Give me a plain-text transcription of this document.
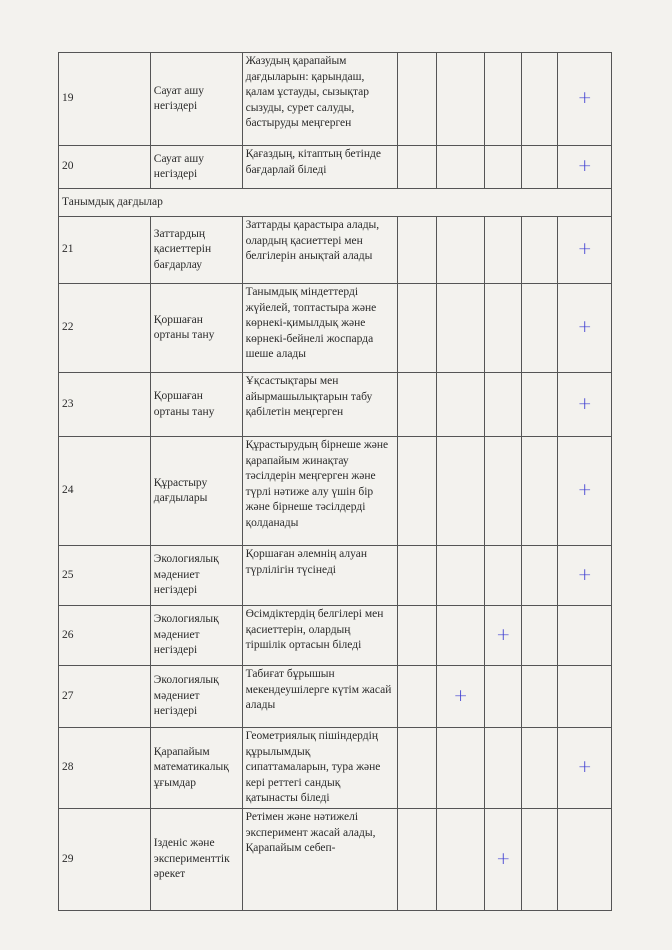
19	Сауат ашу негіздері	Жазудың қарапайым дағдыларын: қарындаш, қалам ұстауды, сызықтар сызуды, сурет салуды, бастыруды меңгерген					+
20	Сауат ашу негіздері	Қағаздың, кітаптың бетінде бағдарлай біледі					+
Танымдық дағдылар							
21	Заттардың қасиеттерін бағдарлау	Заттарды қарастыра алады, олардың қасиеттері мен белгілерін анықтай алады					+
22	Қоршаған ортаны тану	Танымдық міндеттерді жүйелей, топтастыра және көрнекі-қимылдық және көрнекі-бейнелі жоспарда шеше алады					+
23	Қоршаған ортаны тану	Ұқсастықтары мен айырмашылықтарын табу қабілетін меңгерген					+
24	Құрастыру дағдылары	Құрастырудың бірнеше және қарапайым жинақтау тәсілдерін меңгерген және түрлі нәтиже алу үшін бір және бірнеше тәсілдерді қолданады					+
25	Экологиялық мәдениет негіздері	Қоршаған әлемнің алуан түрлілігін түсінеді					+
26	Экологиялық мәдениет негіздері	Өсімдіктердің белгілері мен қасиеттерін, олардың тіршілік ортасын біледі			+		
27	Экологиялық мәдениет негіздері	Табиғат бұрышын мекендеушілерге күтім жасай алады		+			
28	Қарапайым математикалық ұғымдар	Геометриялық пішіндердің құрылымдық сипаттамаларын, тура және кері реттегі сандық қатынасты біледі					+
29	Ізденіс және эксперименттік әрекет	Ретімен және нәтижелі эксперимент жасай алады, Қарапайым себеп-			+		
